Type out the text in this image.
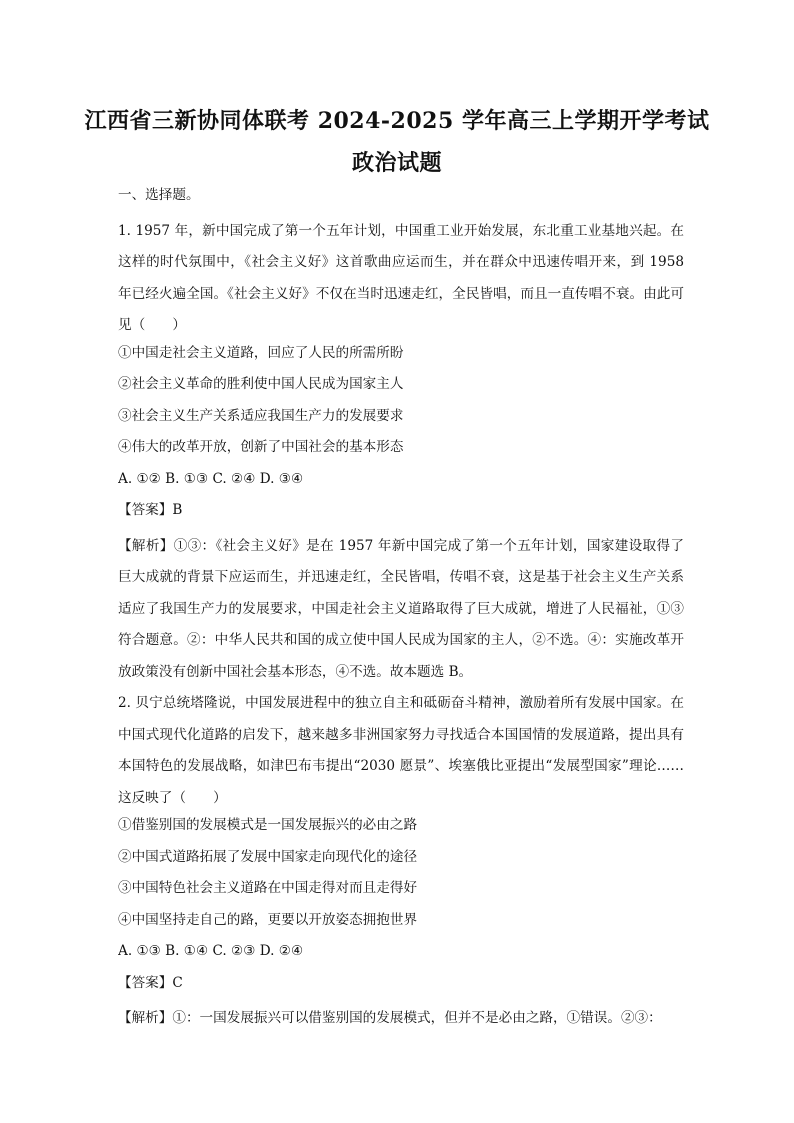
江西省三新协同体联考 2024-2025 学年高三上学期开学考试
政治试题
一、选择题。
1. 1957 年，新中国完成了第一个五年计划，中国重工业开始发展，东北重工业基地兴起。在这样的时代氛围中，《社会主义好》这首歌曲应运而生，并在群众中迅速传唱开来，到 1958 年已经火遍全国。《社会主义好》不仅在当时迅速走红，全民皆唱，而且一直传唱不衰。由此可见（　　）
①中国走社会主义道路，回应了人民的所需所盼
②社会主义革命的胜利使中国人民成为国家主人
③社会主义生产关系适应我国生产力的发展要求
④伟大的改革开放，创新了中国社会的基本形态
A. ①② B. ①③ C. ②④ D. ③④
【答案】B
【解析】①③：《社会主义好》是在 1957 年新中国完成了第一个五年计划，国家建设取得了巨大成就的背景下应运而生，并迅速走红，全民皆唱，传唱不衰，这是基于社会主义生产关系适应了我国生产力的发展要求，中国走社会主义道路取得了巨大成就，增进了人民福祉，①③符合题意。②：中华人民共和国的成立使中国人民成为国家的主人，②不选。④：实施改革开放政策没有创新中国社会基本形态，④不选。故本题选 B。
2. 贝宁总统塔隆说，中国发展进程中的独立自主和砥砺奋斗精神，激励着所有发展中国家。在中国式现代化道路的启发下，越来越多非洲国家努力寻找适合本国国情的发展道路，提出具有本国特色的发展战略，如津巴布韦提出“2030 愿景”、埃塞俄比亚提出“发展型国家”理论……这反映了（　　）
①借鉴别国的发展模式是一国发展振兴的必由之路
②中国式道路拓展了发展中国家走向现代化的途径
③中国特色社会主义道路在中国走得对而且走得好
④中国坚持走自己的路，更要以开放姿态拥抱世界
A. ①③ B. ①④ C. ②③ D. ②④
【答案】C
【解析】①：一国发展振兴可以借鉴别国的发展模式，但并不是必由之路，①错误。②③：
